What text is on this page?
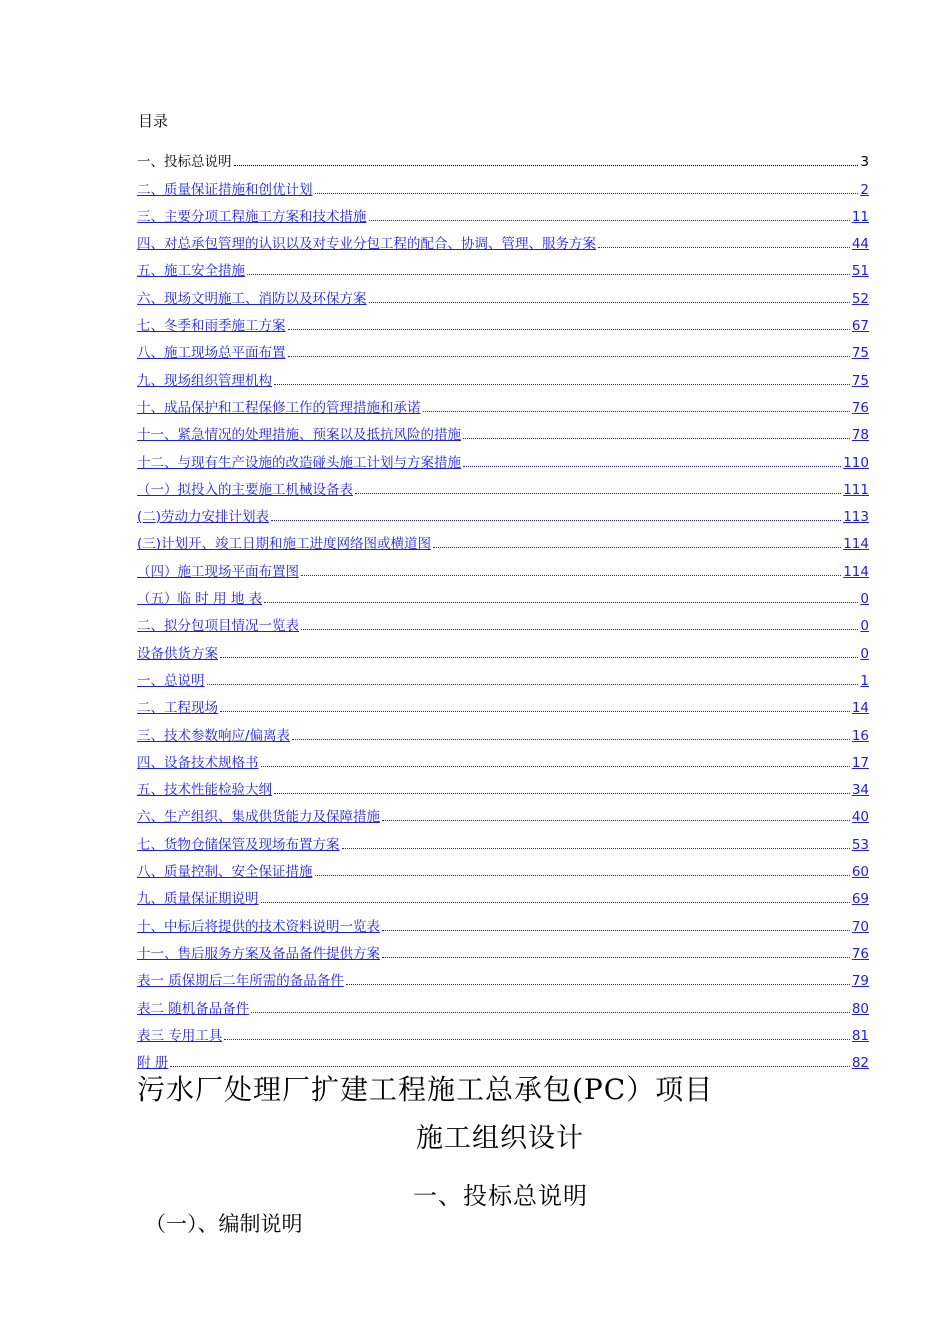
目录
一、投标总说明	3
二、质量保证措施和创优计划	2
三、主要分项工程施工方案和技术措施	11
四、对总承包管理的认识以及对专业分包工程的配合、协调、管理、服务方案	44
五、施工安全措施	51
六、现场文明施工、消防以及环保方案	52
七、冬季和雨季施工方案	67
八、施工现场总平面布置	75
九、现场组织管理机构	75
十、成品保护和工程保修工作的管理措施和承诺	76
十一、紧急情况的处理措施、预案以及抵抗风险的措施	78
十二、与现有生产设施的改造碰头施工计划与方案措施	110
（一）拟投入的主要施工机械设备表	111
(二)劳动力安排计划表	113
(三)计划开、竣工日期和施工进度网络图或横道图	114
（四）施工现场平面布置图	114
（五）临 时 用 地 表	0
二、拟分包项目情况一览表	0
设备供货方案	0
一、总说明	1
二、工程现场	14
三、技术参数响应/偏离表	16
四、设备技术规格书	17
五、技术性能检验大纲	34
六、生产组织、集成供货能力及保障措施	40
七、货物仓储保管及现场布置方案	53
八、质量控制、安全保证措施	60
九、质量保证期说明	69
十、中标后将提供的技术资料说明一览表	70
十一、售后服务方案及备品备件提供方案	76
表一 质保期后二年所需的备品备件	79
表二 随机备品备件	80
表三 专用工具	81
附 册	82
污水厂处理厂扩建工程施工总承包(PC）项目
施工组织设计
一、投标总说明
（一）、编制说明
